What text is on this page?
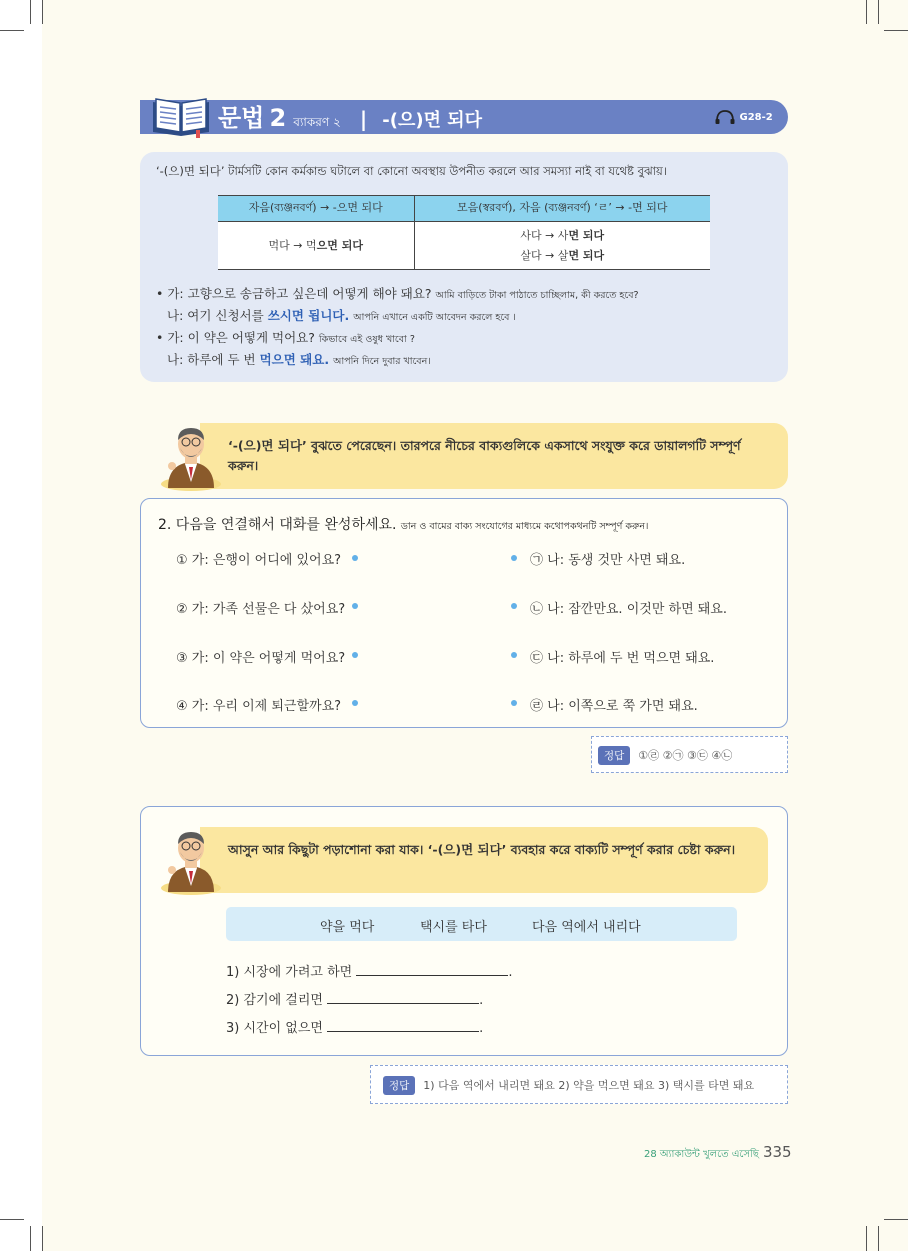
문법 2 ব্যাকরণ ২ | -(으)면 되다	G28-2
‘-(으)면 되다’ টার্মসটি কোন কর্মকান্ড ঘটালে বা কোনো অবস্থায় উপনীত করলে আর সমস্যা নাই বা যথেষ্ট বুঝায়।
자음(ব্যঞ্জনবর্ণ) → -으면 되다	모음(স্বরবর্ণ), 자음 (ব্যঞ্জনবর্ণ) ‘ㄹ’ → -면 되다
먹다 → 먹으면 되다	사다 → 사면 되다
살다 → 살면 되다
• 가: 고향으로 송금하고 싶은데 어떻게 해야 돼요? আমি বাড়িতে টাকা পাঠাতে চাচ্ছিলাম, কী করতে হবে?
나: 여기 신청서를 쓰시면 됩니다. আপনি এখানে একটি আবেদন করলে হবে ।
• 가: 이 약은 어떻게 먹어요? কিভাবে এই ওষুধ খাবো ?
나: 하루에 두 번 먹으면 돼요. আপনি দিনে দুবার খাবেন।
‘-(으)면 되다’ বুঝতে পেরেছেন। তারপরে নীচের বাক্যগুলিকে একসাথে সংযুক্ত করে ডায়ালগটি সম্পূর্ণ করুন।
2. 다음을 연결해서 대화를 완성하세요. ডান ও বামের বাক্য সংযোগের মাধ্যমে কথোপকথনটি সম্পূর্ণ করুন।
① 가: 은행이 어디에 있어요?
② 가: 가족 선물은 다 샀어요?
③ 가: 이 약은 어떻게 먹어요?
④ 가: 우리 이제 퇴근할까요?
㉠ 나: 동생 것만 사면 돼요.
㉡ 나: 잠깐만요. 이것만 하면 돼요.
㉢ 나: 하루에 두 번 먹으면 돼요.
㉣ 나: 이쪽으로 쭉 가면 돼요.
정답 ①㉣ ②㉠ ③㉢ ④㉡
আসুন আর কিছুটা পড়াশোনা করা যাক। ‘-(으)면 되다’ ব্যবহার করে বাক্যটি সম্পূর্ণ করার চেষ্টা করুন।
약을 먹다	택시를 타다	다음 역에서 내리다
1) 시장에 가려고 하면	.
2) 감기에 걸리면	.
3) 시간이 없으면	.
정답 1) 다음 역에서 내리면 돼요 2) 약을 먹으면 돼요 3) 택시를 타면 돼요
28 অ্যাকাউন্ট খুলতে এসেছি 335
